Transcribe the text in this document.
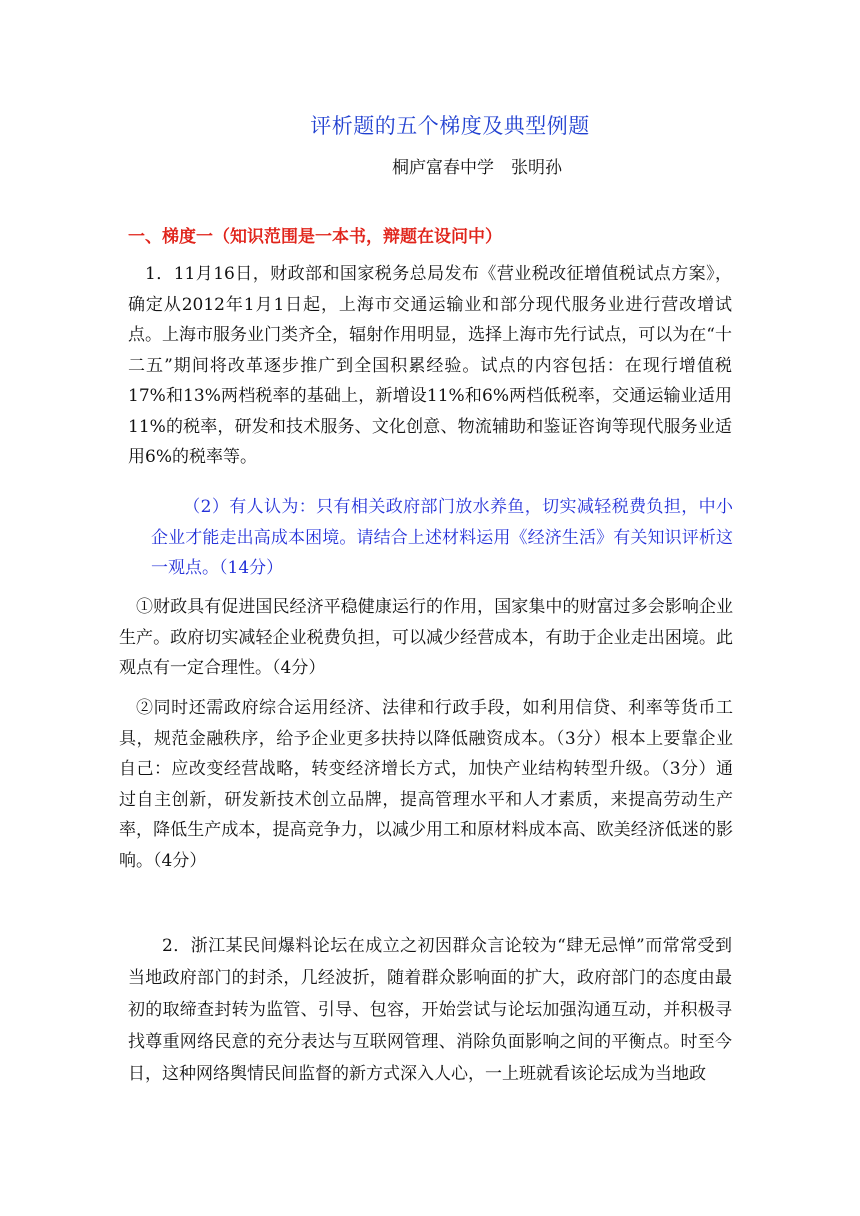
评析题的五个梯度及典型例题
桐庐富春中学　张明孙
一、梯度一（知识范围是一本书，辩题在设问中）
1．11月16日，财政部和国家税务总局发布《营业税改征增值税试点方案》，确定从2012年1月1日起，上海市交通运输业和部分现代服务业进行营改增试点。上海市服务业门类齐全，辐射作用明显，选择上海市先行试点，可以为在“十二五”期间将改革逐步推广到全国积累经验。试点的内容包括：在现行增值税17%和13%两档税率的基础上，新增设11%和6%两档低税率，交通运输业适用11%的税率，研发和技术服务、文化创意、物流辅助和鉴证咨询等现代服务业适用6%的税率等。
（2）有人认为：只有相关政府部门放水养鱼，切实减轻税费负担，中小企业才能走出高成本困境。请结合上述材料运用《经济生活》有关知识评析这一观点。（14分）
①财政具有促进国民经济平稳健康运行的作用，国家集中的财富过多会影响企业生产。政府切实减轻企业税费负担，可以减少经营成本，有助于企业走出困境。此观点有一定合理性。（4分）
②同时还需政府综合运用经济、法律和行政手段，如利用信贷、利率等货币工具，规范金融秩序，给予企业更多扶持以降低融资成本。（3分）根本上要靠企业自己：应改变经营战略，转变经济增长方式，加快产业结构转型升级。（3分）通过自主创新，研发新技术创立品牌，提高管理水平和人才素质，来提高劳动生产率，降低生产成本，提高竞争力，以减少用工和原材料成本高、欧美经济低迷的影响。（4分）
2．浙江某民间爆料论坛在成立之初因群众言论较为“肆无忌惮”而常常受到当地政府部门的封杀，几经波折，随着群众影响面的扩大，政府部门的态度由最初的取缔查封转为监管、引导、包容，开始尝试与论坛加强沟通互动，并积极寻找尊重网络民意的充分表达与互联网管理、消除负面影响之间的平衡点。时至今日，这种网络舆情民间监督的新方式深入人心，一上班就看该论坛成为当地政
